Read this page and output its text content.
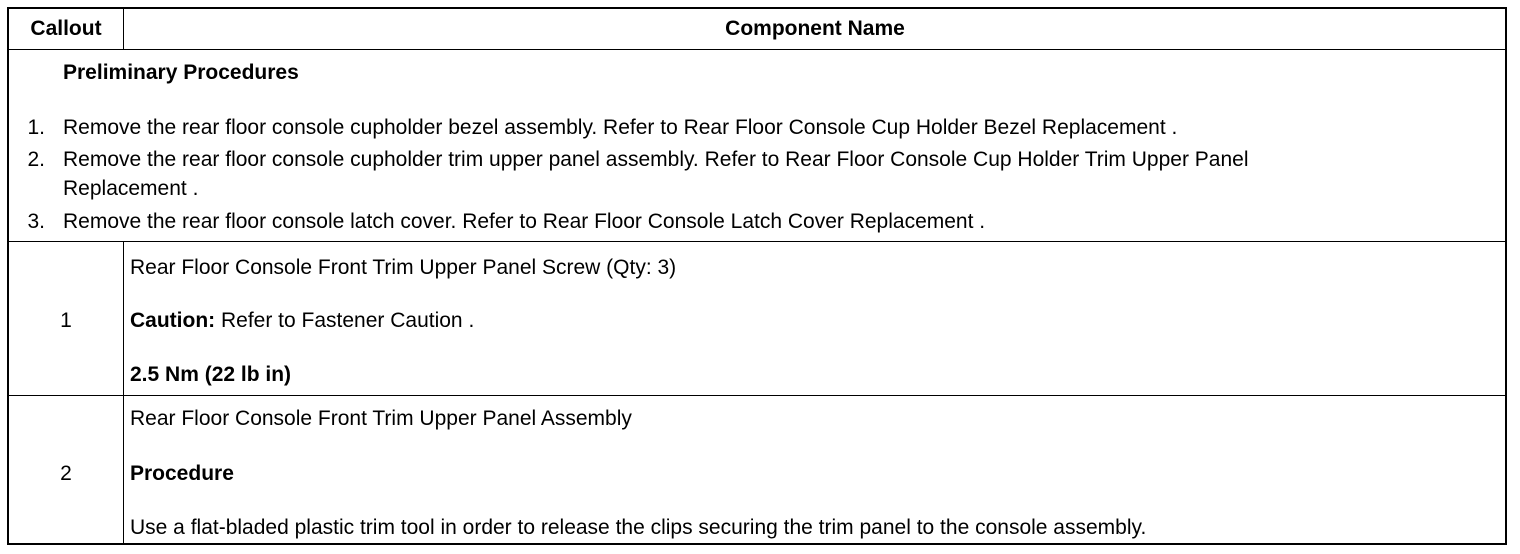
Callout	Component Name
Preliminary Procedures
1. Remove the rear floor console cupholder bezel assembly. Refer to Rear Floor Console Cup Holder Bezel Replacement .
2. Remove the rear floor console cupholder trim upper panel assembly. Refer to Rear Floor Console Cup Holder Trim Upper Panel
Replacement .
3. Remove the rear floor console latch cover. Refer to Rear Floor Console Latch Cover Replacement .
1
Rear Floor Console Front Trim Upper Panel Screw (Qty: 3)
Caution: Refer to Fastener Caution .
2.5 Nm (22 lb in)
2
Rear Floor Console Front Trim Upper Panel Assembly
Procedure
Use a flat-bladed plastic trim tool in order to release the clips securing the trim panel to the console assembly.
